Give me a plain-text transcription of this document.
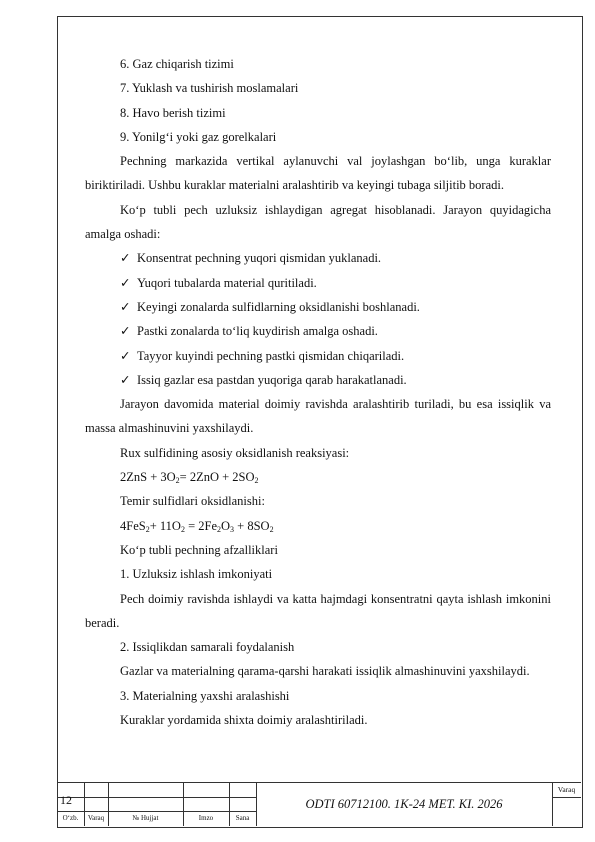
6. Gaz chiqarish tizimi
7. Yuklash va tushirish moslamalari
8. Havo berish tizimi
9. Yonilg‘i yoki gaz gorelkalari
Pechning markazida vertikal aylanuvchi val joylashgan bo‘lib, unga kuraklar biriktiriladi. Ushbu kuraklar materialni aralashtirib va keyingi tubaga siljitib boradi.
Ko‘p tubli pech uzluksiz ishlaydigan agregat hisoblanadi. Jarayon quyidagicha amalga oshadi:
✓ Konsentrat pechning yuqori qismidan yuklanadi.
✓ Yuqori tubalarda material quritiladi.
✓ Keyingi zonalarda sulfidlarning oksidlanishi boshlanadi.
✓ Pastki zonalarda to‘liq kuydirish amalga oshadi.
✓ Tayyor kuyindi pechning pastki qismidan chiqariladi.
✓ Issiq gazlar esa pastdan yuqoriga qarab harakatlanadi.
Jarayon davomida material doimiy ravishda aralashtirib turiladi, bu esa issiqlik va massa almashinuvini yaxshilaydi.
Rux sulfidining asosiy oksidlanish reaksiyasi:
$2ZnS + 3O_2= 2ZnO + 2SO_2$
Temir sulfidlari oksidlanishi:
$4FeS_2+ 11O_2 = 2Fe_2O_3 + 8SO_2$
Ko‘p tubli pechning afzalliklari
1. Uzluksiz ishlash imkoniyati
Pech doimiy ravishda ishlaydi va katta hajmdagi konsentratni qayta ishlash imkonini beradi.
2. Issiqlikdan samarali foydalanish
Gazlar va materialning qarama-qarshi harakati issiqlik almashinuvini yaxshilaydi.
3. Materialning yaxshi aralashishi
Kuraklar yordamida shixta doimiy aralashtiriladi.
12	ODTI 60712100. 1K-24 MET. KI. 2026
Varaq
O‘zb.	Varaq	№ Hujjat	Imzo	Sana
